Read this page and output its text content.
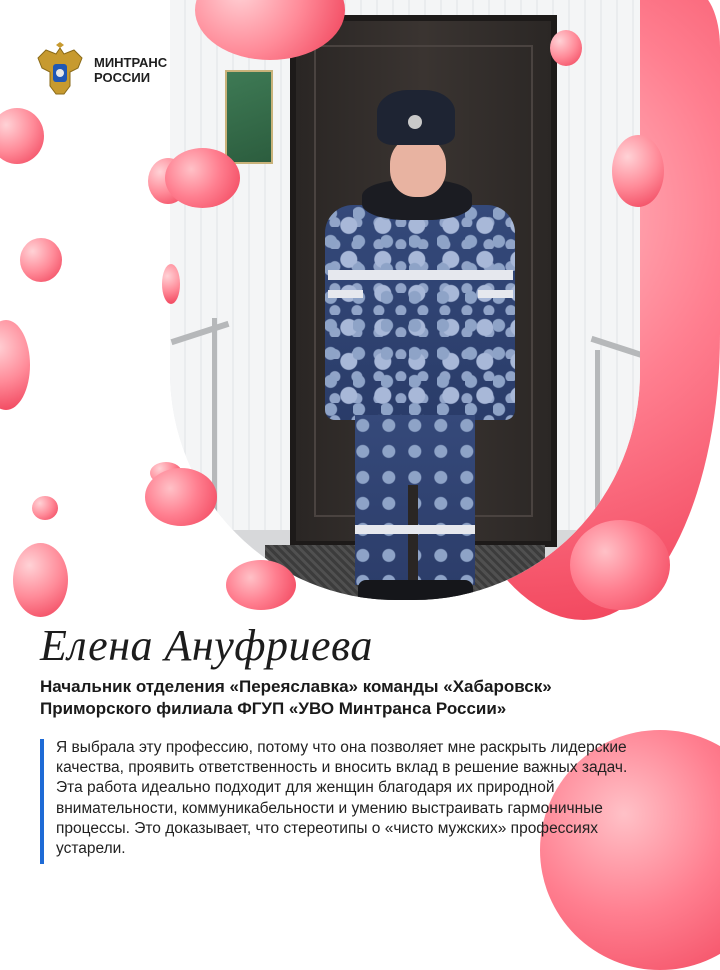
МИНТРАНС
РОССИИ
Елена Ануфриева
Начальник отделения «Переяславка» команды «Хабаровск»
Приморского филиала ФГУП «УВО Минтранса России»
Я выбрала эту профессию, потому что она позволяет мне раскрыть лидерские качества, проявить ответственность и вносить вклад в решение важных задач. Эта работа идеально подходит для женщин благодаря их природной внимательности, коммуникабельности и умению выстраивать гармоничные процессы. Это доказывает, что стереотипы о «чисто мужских» профессиях устарели.
